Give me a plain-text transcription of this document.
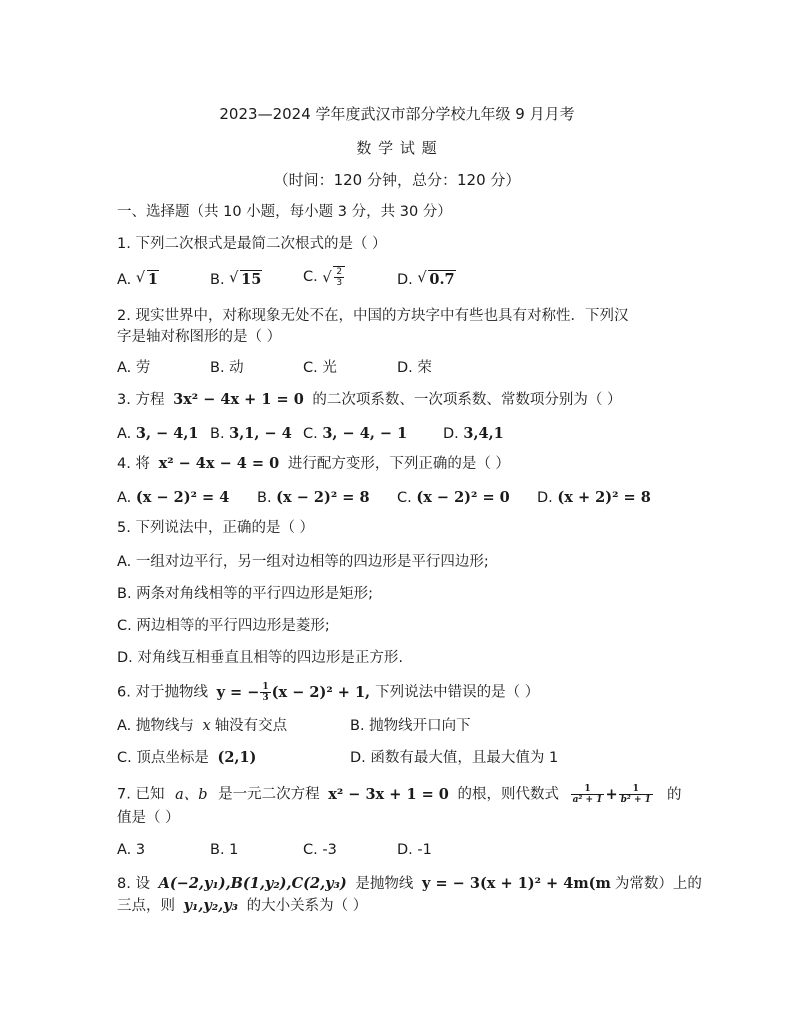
2023—2024 学年度武汉市部分学校九年级 9 月月考
数 学 试 题
（时间：120 分钟，总分：120 分）
一、选择题（共 10 小题，每小题 3 分，共 30 分）
1. 下列二次根式是最简二次根式的是（ ）
A. √ 1	B. √ 15	C. √ $\frac{2}{3}$	D. √ 0.7
2. 现实世界中，对称现象无处不在，中国的方块字中有些也具有对称性．下列汉
字是轴对称图形的是（ ）
A. 劳	B. 动	C. 光	D. 荣
3. 方程 3x² − 4x + 1 = 0 的二次项系数、一次项系数、常数项分别为（ ）
A. 3, − 4,1 B. 3,1, − 4 C. 3, − 4, − 1 D. 3,4,1
4. 将 x² − 4x − 4 = 0 进行配方变形，下列正确的是（ ）
A. (x − 2)² = 4 B. (x − 2)² = 8 C. (x − 2)² = 0 D. (x + 2)² = 8
5. 下列说法中，正确的是（ ）
A. 一组对边平行，另一组对边相等的四边形是平行四边形;
B. 两条对角线相等的平行四边形是矩形;
C. 两边相等的平行四边形是菱形;
D. 对角线互相垂直且相等的四边形是正方形.
6. 对于抛物线 y = − $\frac{1}{3} (x - 2)^2 + 1$, 下列说法中错误的是（ ）
A. 抛物线与 x 轴没有交点	B. 抛物线开口向下
C. 顶点坐标是 (2,1)	D. 函数有最大值，且最大值为 1
7. 已知 a、b 是一元二次方程 x² − 3x + 1 = 0 的根，则代数式 $\frac{1}{\text{a² + 1}} + \frac{1}{\text{b² + 1}}$ 的
值是（ ）
A. 3	B. 1	C. -3	D. -1
8. 设 A(−2,y₁),B(1,y₂),C(2,y₃) 是抛物线 y = − 3(x + 1)² + 4m(m 为常数）上的
三点，则 y₁,y₂,y₃ 的大小关系为（ ）
